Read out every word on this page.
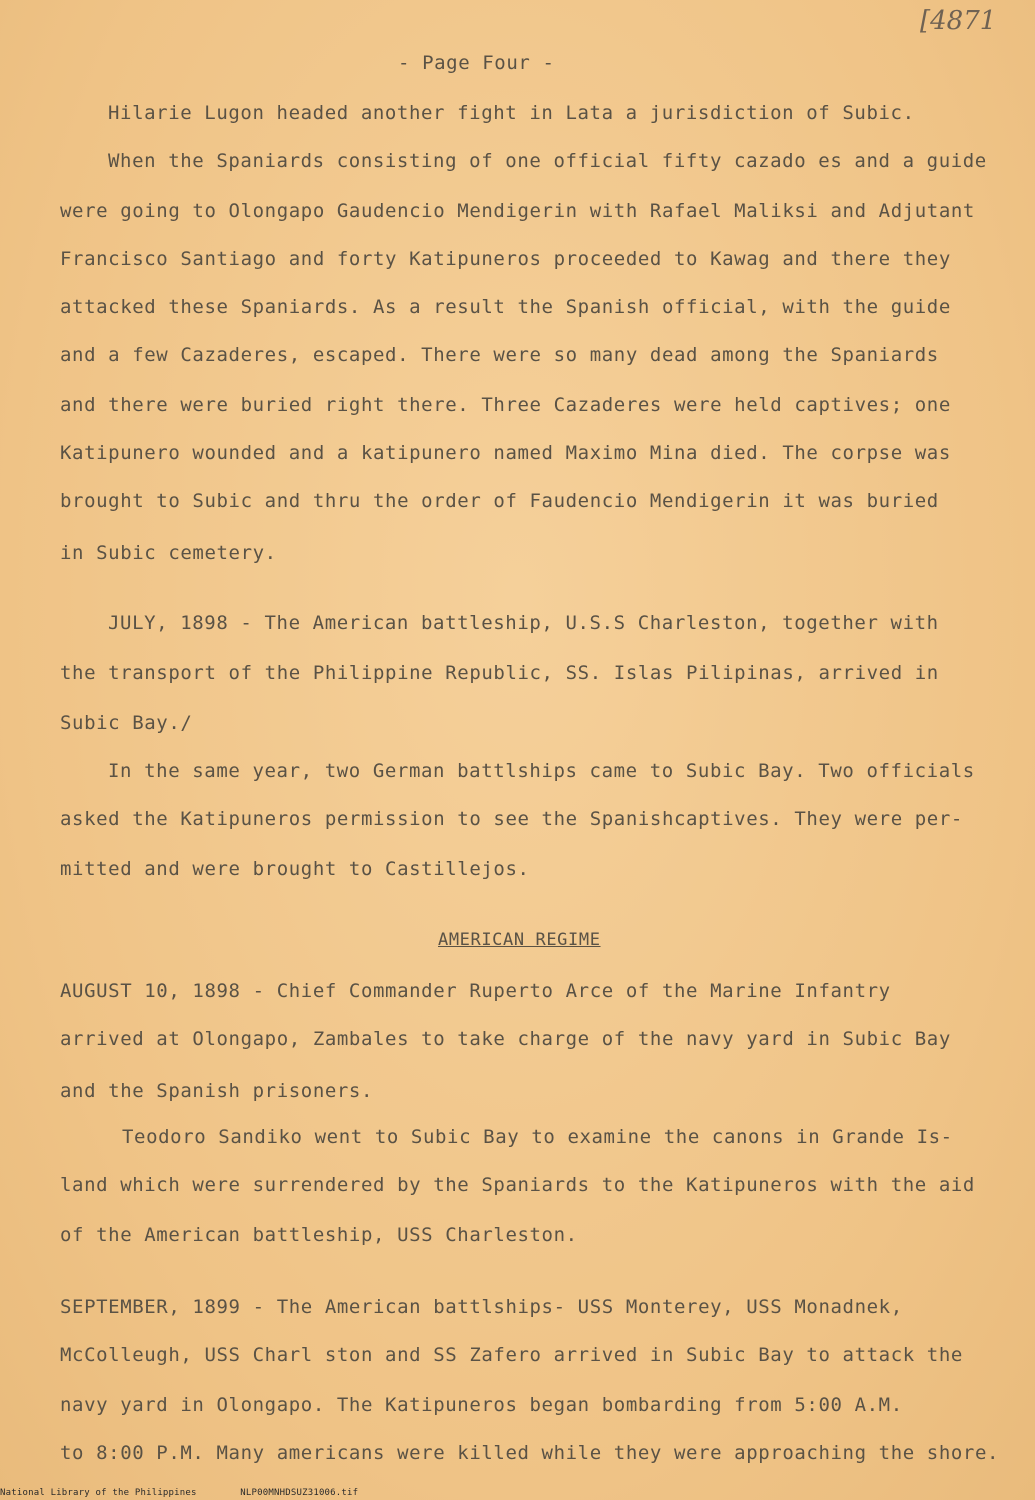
[4871
- Page Four -
Hilarie Lugon headed another fight in Lata a jurisdiction of Subic.
When the Spaniards consisting of one official fifty cazado es and a guide
were going to Olongapo Gaudencio Mendigerin with Rafael Maliksi and Adjutant
Francisco Santiago and forty Katipuneros proceeded to Kawag and there they
attacked these Spaniards. As a result the Spanish official, with the guide
and a few Cazaderes, escaped. There were so many dead among the Spaniards
and there were buried right there. Three Cazaderes were held captives; one
Katipunero wounded and a katipunero named Maximo Mina died. The corpse was
brought to Subic and thru the order of Faudencio Mendigerin it was buried
in Subic cemetery.
JULY, 1898 - The American battleship, U.S.S Charleston, together with
the transport of the Philippine Republic, SS. Islas Pilipinas, arrived in
Subic Bay./
In the same year, two German battlships came to Subic Bay. Two officials
asked the Katipuneros permission to see the Spanishcaptives. They were per-
mitted and were brought to Castillejos.
AMERICAN REGIME
AUGUST 10, 1898 - Chief Commander Ruperto Arce of the Marine Infantry
arrived at Olongapo, Zambales to take charge of the navy yard in Subic Bay
and the Spanish prisoners.
Teodoro Sandiko went to Subic Bay to examine the canons in Grande Is-
land which were surrendered by the Spaniards to the Katipuneros with the aid
of the American battleship, USS Charleston.
SEPTEMBER, 1899 - The American battlships- USS Monterey, USS Monadnek,
McColleugh, USS Charl ston and SS Zafero arrived in Subic Bay to attack the
navy yard in Olongapo. The Katipuneros began bombarding from 5:00 A.M.
to 8:00 P.M. Many americans were killed while they were approaching the shore.
National Library of the Philippines	NLP00MNHDSUZ31006.tif
